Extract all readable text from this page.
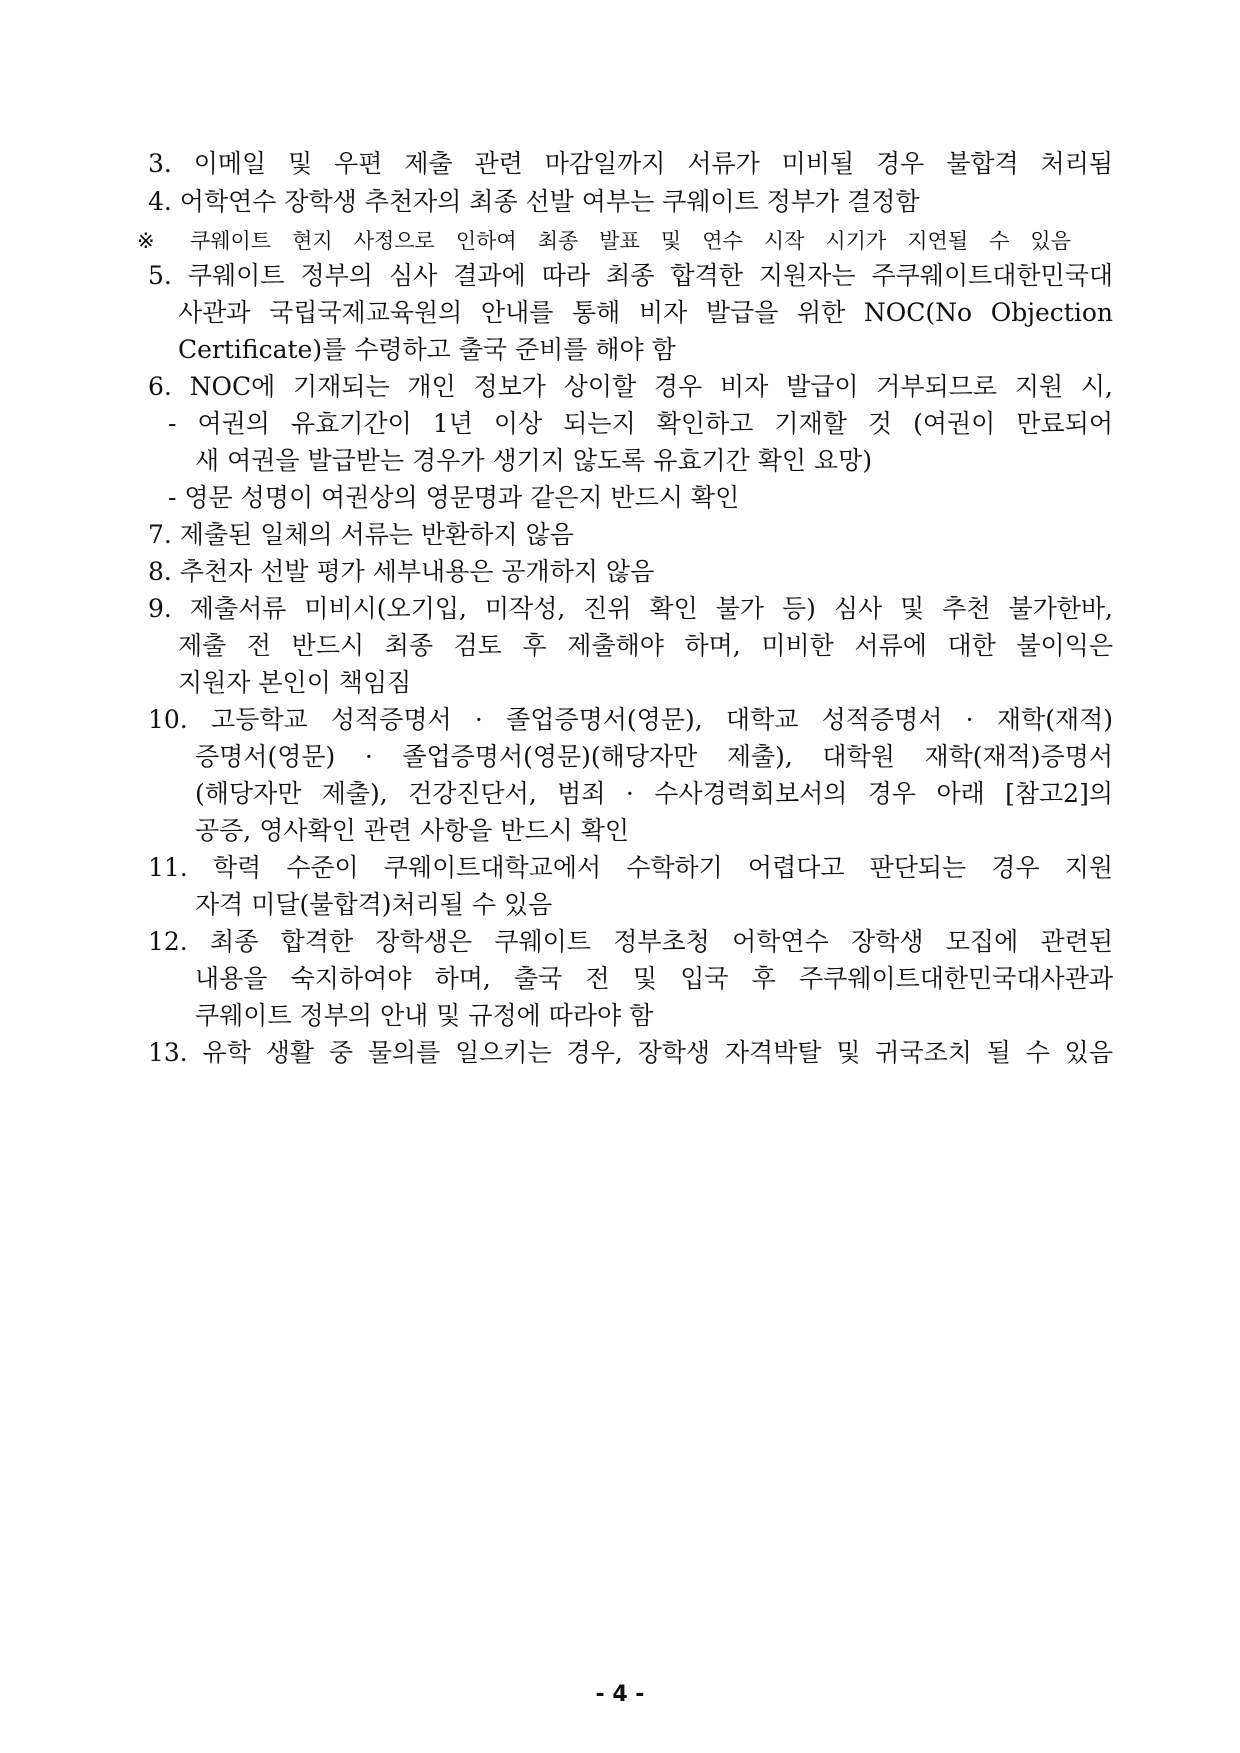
3. 이메일 및 우편 제출 관련 마감일까지 서류가 미비될 경우 불합격 처리됨
4. 어학연수 장학생 추천자의 최종 선발 여부는 쿠웨이트 정부가 결정함
※ 쿠웨이트 현지 사정으로 인하여 최종 발표 및 연수 시작 시기가 지연될 수 있음
5. 쿠웨이트 정부의 심사 결과에 따라 최종 합격한 지원자는 주쿠웨이트대한민국대
사관과 국립국제교육원의 안내를 통해 비자 발급을 위한 NOC(No Objection
Certificate)를 수령하고 출국 준비를 해야 함
6. NOC에 기재되는 개인 정보가 상이할 경우 비자 발급이 거부되므로 지원 시,
- 여권의 유효기간이 1년 이상 되는지 확인하고 기재할 것 (여권이 만료되어
새 여권을 발급받는 경우가 생기지 않도록 유효기간 확인 요망)
- 영문 성명이 여권상의 영문명과 같은지 반드시 확인
7. 제출된 일체의 서류는 반환하지 않음
8. 추천자 선발 평가 세부내용은 공개하지 않음
9. 제출서류 미비시(오기입, 미작성, 진위 확인 불가 등) 심사 및 추천 불가한바,
제출 전 반드시 최종 검토 후 제출해야 하며, 미비한 서류에 대한 불이익은
지원자 본인이 책임짐
10. 고등학교 성적증명서 · 졸업증명서(영문), 대학교 성적증명서 · 재학(재적)
증명서(영문) · 졸업증명서(영문)(해당자만 제출), 대학원 재학(재적)증명서
(해당자만 제출), 건강진단서, 범죄 · 수사경력회보서의 경우 아래 [참고2]의
공증, 영사확인 관련 사항을 반드시 확인
11. 학력 수준이 쿠웨이트대학교에서 수학하기 어렵다고 판단되는 경우 지원
자격 미달(불합격)처리될 수 있음
12. 최종 합격한 장학생은 쿠웨이트 정부초청 어학연수 장학생 모집에 관련된
내용을 숙지하여야 하며, 출국 전 및 입국 후 주쿠웨이트대한민국대사관과
쿠웨이트 정부의 안내 및 규정에 따라야 함
13. 유학 생활 중 물의를 일으키는 경우, 장학생 자격박탈 및 귀국조치 될 수 있음
- 4 -
